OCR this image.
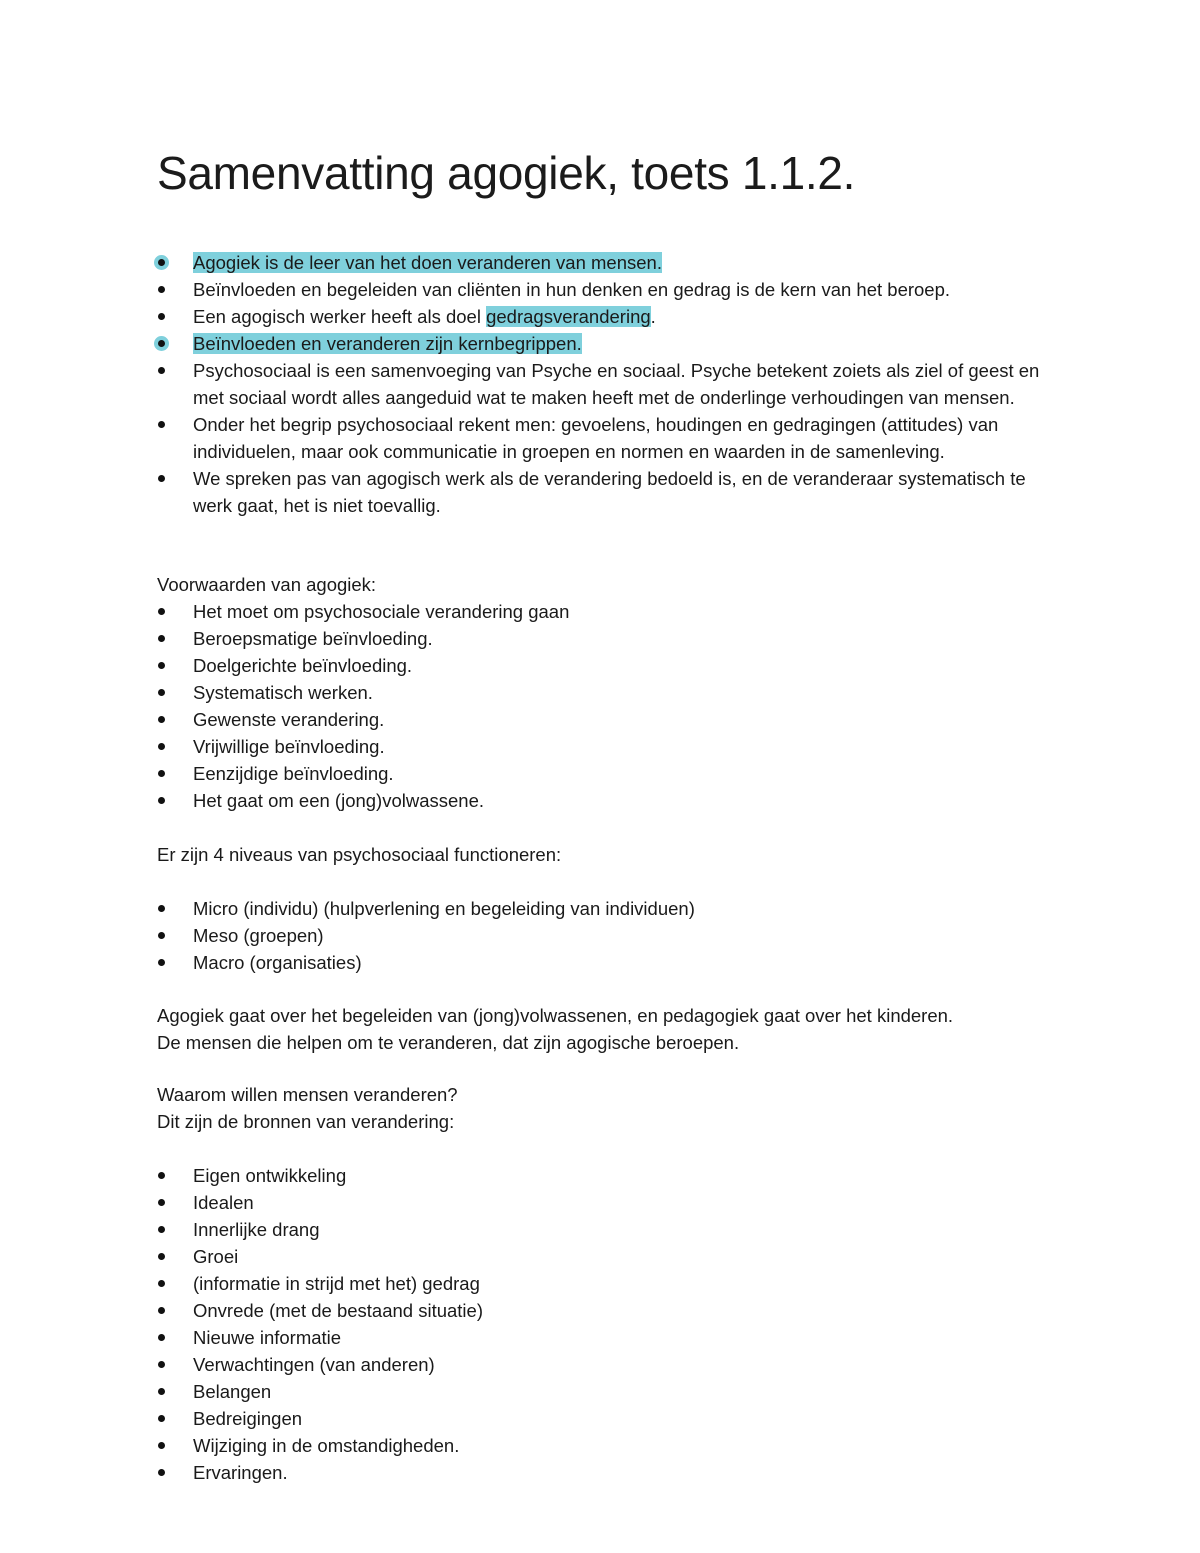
Samenvatting agogiek, toets 1.1.2.
Agogiek is de leer van het doen veranderen van mensen.
Beïnvloeden en begeleiden van cliënten in hun denken en gedrag is de kern van het beroep.
Een agogisch werker heeft als doel gedragsverandering.
Beïnvloeden en veranderen zijn kernbegrippen.
Psychosociaal is een samenvoeging van Psyche en sociaal. Psyche betekent zoiets als ziel of geest en met sociaal wordt alles aangeduid wat te maken heeft met de onderlinge verhoudingen van mensen.
Onder het begrip psychosociaal rekent men: gevoelens, houdingen en gedragingen (attitudes) van individuelen, maar ook communicatie in groepen en normen en waarden in de samenleving.
We spreken pas van agogisch werk als de verandering bedoeld is, en de veranderaar systematisch te werk gaat, het is niet toevallig.

Voorwaarden van agogiek:

Het moet om psychosociale verandering gaan
Beroepsmatige beïnvloeding.
Doelgerichte beïnvloeding.
Systematisch werken.
Gewenste verandering.
Vrijwillige beïnvloeding.
Eenzijdige beïnvloeding.
Het gaat om een (jong)volwassene.

Er zijn 4 niveaus van psychosociaal functioneren:

Micro (individu) (hulpverlening en begeleiding van individuen)
Meso (groepen)
Macro (organisaties)

Agogiek gaat over het begeleiden van (jong)volwassenen, en pedagogiek gaat over het kinderen.

De mensen die helpen om te veranderen, dat zijn agogische beroepen.

Waarom willen mensen veranderen?

Dit zijn de bronnen van verandering:

Eigen ontwikkeling
Idealen
Innerlijke drang
Groei
(informatie in strijd met het) gedrag
Onvrede (met de bestaand situatie)
Nieuwe informatie
Verwachtingen (van anderen)
Belangen
Bedreigingen
Wijziging in de omstandigheden.
Ervaringen.
